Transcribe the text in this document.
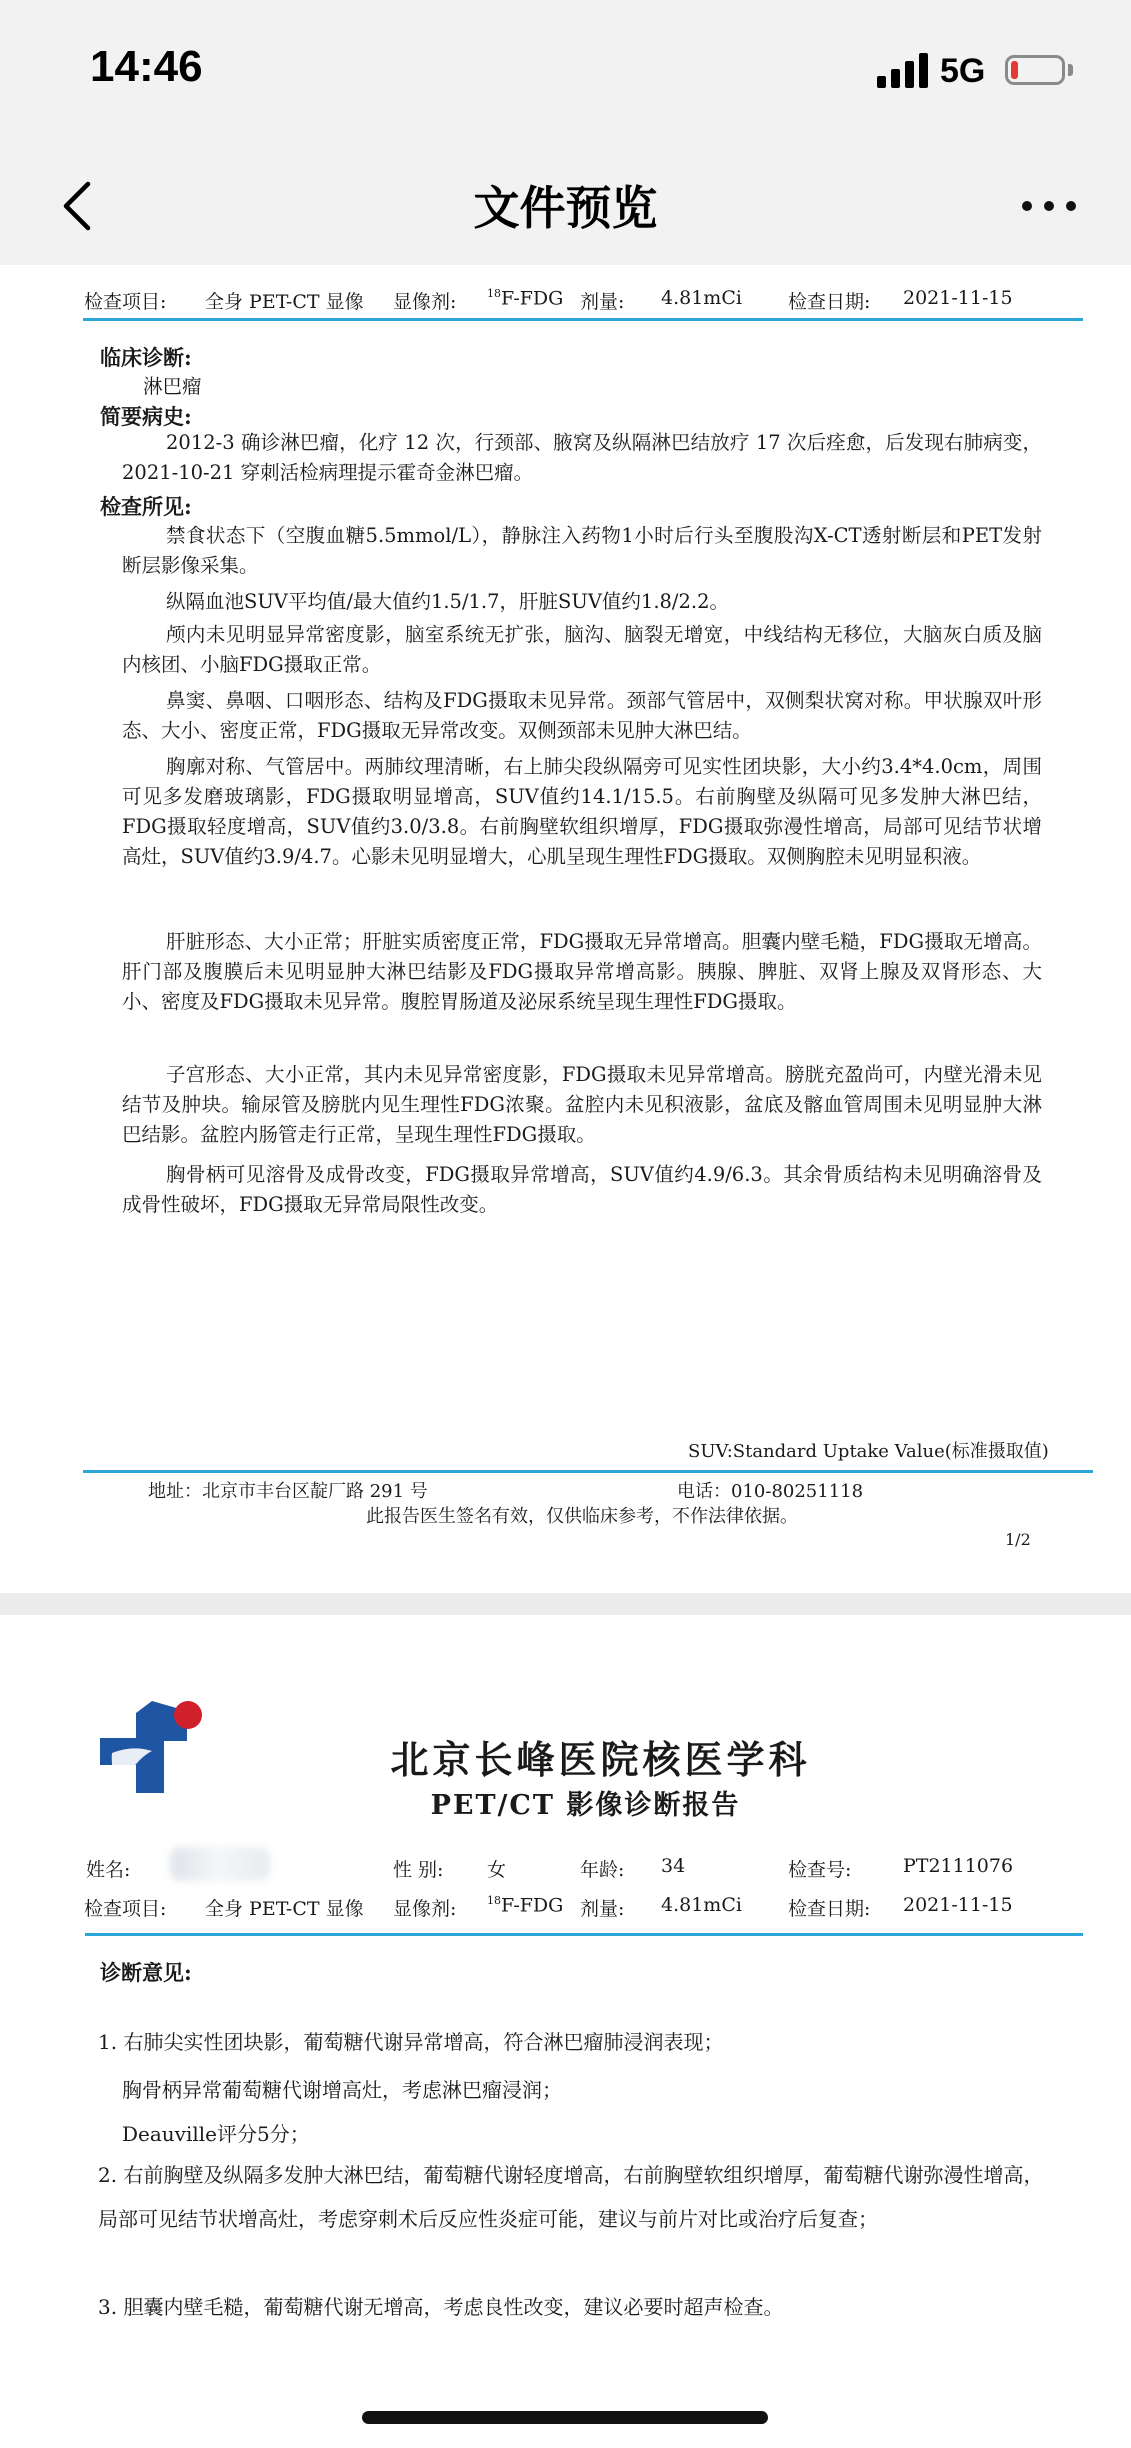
14:46	5G
文件预览
检查项目: 全身 PET-CT 显像 显像剂:	$^{18}$F-FDG 剂量: 4.81mCi 检查日期: 2021-11-15
临床诊断:
淋巴瘤
简要病史:

2012-3 确诊淋巴瘤，化疗 12 次，行颈部、腋窝及纵隔淋巴结放疗 17 次后痊愈，后发现右肺病变，2021-10-21 穿刺活检病理提示霍奇金淋巴瘤。

检查所见:

禁食状态下（空腹血糖5.5mmol/L），静脉注入药物1小时后行头至腹股沟X-CT透射断层和PET发射断层影像采集。

纵隔血池SUV平均值/最大值约1.5/1.7，肝脏SUV值约1.8/2.2。

颅内未见明显异常密度影，脑室系统无扩张，脑沟、脑裂无增宽，中线结构无移位，大脑灰白质及脑内核团、小脑FDG摄取正常。

鼻窦、鼻咽、口咽形态、结构及FDG摄取未见异常。颈部气管居中，双侧梨状窝对称。甲状腺双叶形态、大小、密度正常，FDG摄取无异常改变。双侧颈部未见肿大淋巴结。

胸廓对称、气管居中。两肺纹理清晰，右上肺尖段纵隔旁可见实性团块影，大小约3.4*4.0cm，周围可见多发磨玻璃影，FDG摄取明显增高，SUV值约14.1/15.5。右前胸壁及纵隔可见多发肿大淋巴结，FDG摄取轻度增高，SUV值约3.0/3.8。右前胸壁软组织增厚，FDG摄取弥漫性增高，局部可见结节状增高灶，SUV值约3.9/4.7。心影未见明显增大，心肌呈现生理性FDG摄取。双侧胸腔未见明显积液。

肝脏形态、大小正常；肝脏实质密度正常，FDG摄取无异常增高。胆囊内壁毛糙，FDG摄取无增高。肝门部及腹膜后未见明显肿大淋巴结影及FDG摄取异常增高影。胰腺、脾脏、双肾上腺及双肾形态、大小、密度及FDG摄取未见异常。腹腔胃肠道及泌尿系统呈现生理性FDG摄取。

子宫形态、大小正常，其内未见异常密度影，FDG摄取未见异常增高。膀胱充盈尚可，内壁光滑未见结节及肿块。输尿管及膀胱内见生理性FDG浓聚。盆腔内未见积液影，盆底及髂血管周围未见明显肿大淋巴结影。盆腔内肠管走行正常，呈现生理性FDG摄取。

胸骨柄可见溶骨及成骨改变，FDG摄取异常增高，SUV值约4.9/6.3。其余骨质结构未见明确溶骨及成骨性破坏，FDG摄取无异常局限性改变。

SUV:Standard Uptake Value(标准摄取值)
地址：北京市丰台区靛厂路 291 号	电话：010-80251118
此报告医生签名有效，仅供临床参考，不作法律依据。
1/2
北京长峰医院核医学科
PET/CT 影像诊断报告
姓名:	性 别: 女	年龄: 34	检查号:	PT2111076
检查项目: 全身 PET-CT 显像 显像剂:	$^{18}$F-FDG 剂量: 4.81mCi 检查日期: 2021-11-15
诊断意见:

1. 右肺尖实性团块影，葡萄糖代谢异常增高，符合淋巴瘤肺浸润表现；

胸骨柄异常葡萄糖代谢增高灶，考虑淋巴瘤浸润；
Deauville评分5分；

2. 右前胸壁及纵隔多发肿大淋巴结，葡萄糖代谢轻度增高，右前胸壁软组织增厚，葡萄糖代谢弥漫性增高，局部可见结节状增高灶，考虑穿刺术后反应性炎症可能，建议与前片对比或治疗后复查；

3. 胆囊内壁毛糙，葡萄糖代谢无增高，考虑良性改变，建议必要时超声检查。
